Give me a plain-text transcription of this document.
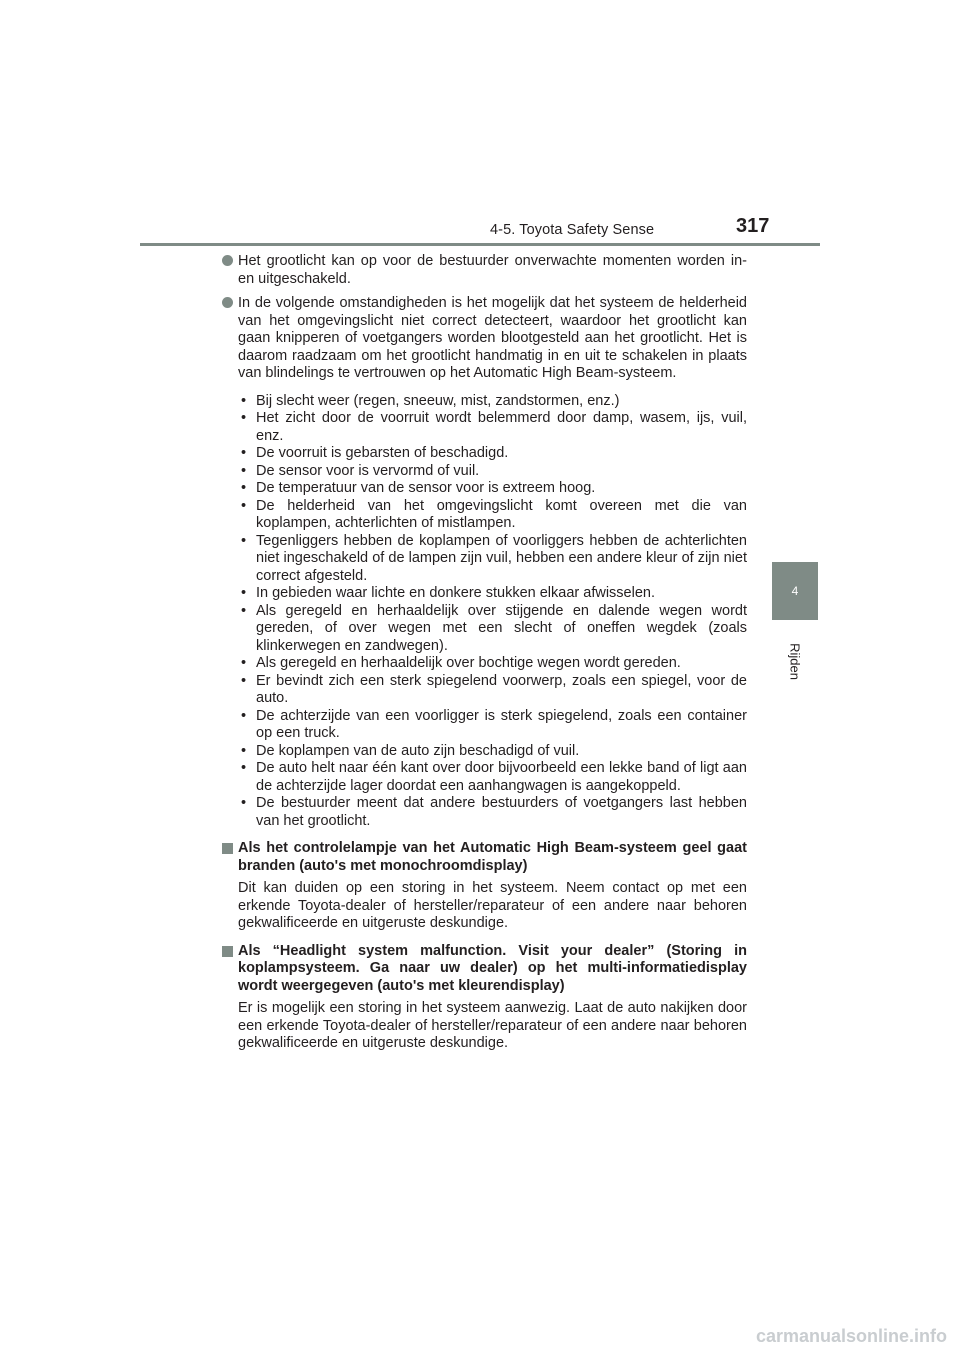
4-5. Toyota Safety Sense	317
4
Rijden
Het grootlicht kan op voor de bestuurder onverwachte momenten worden in- en uitgeschakeld.
In de volgende omstandigheden is het mogelijk dat het systeem de helderheid van het omgevingslicht niet correct detecteert, waardoor het grootlicht kan gaan knipperen of voetgangers worden blootgesteld aan het grootlicht. Het is daarom raadzaam om het grootlicht handmatig in en uit te schakelen in plaats van blindelings te vertrouwen op het Automatic High Beam-systeem.
• Bij slecht weer (regen, sneeuw, mist, zandstormen, enz.)
• Het zicht door de voorruit wordt belemmerd door damp, wasem, ijs, vuil, enz.
• De voorruit is gebarsten of beschadigd.
• De sensor voor is vervormd of vuil.
• De temperatuur van de sensor voor is extreem hoog.
• De helderheid van het omgevingslicht komt overeen met die van koplampen, achterlichten of mistlampen.
• Tegenliggers hebben de koplampen of voorliggers hebben de achterlichten niet ingeschakeld of de lampen zijn vuil, hebben een andere kleur of zijn niet correct afgesteld.
• In gebieden waar lichte en donkere stukken elkaar afwisselen.
• Als geregeld en herhaaldelijk over stijgende en dalende wegen wordt gereden, of over wegen met een slecht of oneffen wegdek (zoals klinkerwegen en zandwegen).
• Als geregeld en herhaaldelijk over bochtige wegen wordt gereden.
• Er bevindt zich een sterk spiegelend voorwerp, zoals een spiegel, voor de auto.
• De achterzijde van een voorligger is sterk spiegelend, zoals een container op een truck.
• De koplampen van de auto zijn beschadigd of vuil.
• De auto helt naar één kant over door bijvoorbeeld een lekke band of ligt aan de achterzijde lager doordat een aanhangwagen is aangekoppeld.
• De bestuurder meent dat andere bestuurders of voetgangers last hebben van het grootlicht.
Als het controlelampje van het Automatic High Beam-systeem geel gaat branden (auto's met monochroomdisplay)
Dit kan duiden op een storing in het systeem. Neem contact op met een erkende Toyota-dealer of hersteller/reparateur of een andere naar behoren gekwalificeerde en uitgeruste deskundige.
Als “Headlight system malfunction. Visit your dealer” (Storing in koplampsysteem. Ga naar uw dealer) op het multi-informatiedisplay wordt weergegeven (auto's met kleurendisplay)
Er is mogelijk een storing in het systeem aanwezig. Laat de auto nakijken door een erkende Toyota-dealer of hersteller/reparateur of een andere naar behoren gekwalificeerde en uitgeruste deskundige.
carmanualsonline.info
